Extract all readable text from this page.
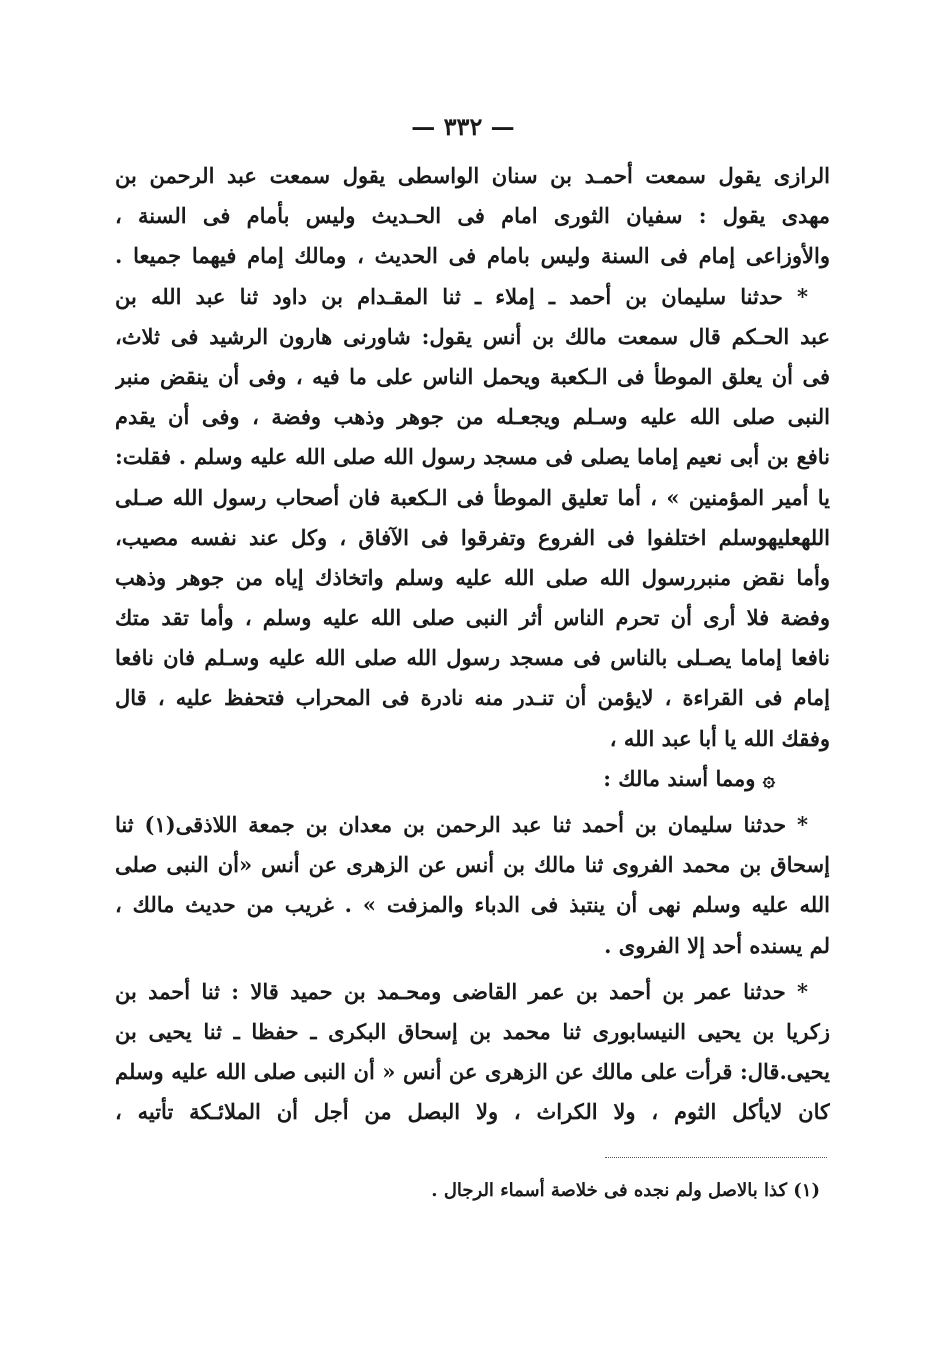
— ٣٣٢ —
الرازى يقول سمعت أحمـد بن سنان الواسطى يقول سمعت عبد الرحمن بن
مهدى يقول : سفيان الثورى امام فى الحـديث وليس بأمام فى السنة ،
والأوزاعى إمام فى السنة وليس بامام فى الحديث ، ومالك إمام فيهما جميعا .
* حدثنا سليمان بن أحمد ـ إملاء ـ ثنا المقـدام بن داود ثنا عبد الله بن
عبد الحـكم قال سمعت مالك بن أنس يقول: شاورنى هارون الرشيد فى ثلاث،
فى أن يعلق الموطأ فى الـكعبة ويحمل الناس على ما فيه ، وفى أن ينقض منبر
النبى صلى الله عليه وسـلم ويجعـله من جوهر وذهب وفضة ، وفى أن يقدم
نافع بن أبى نعيم إماما يصلى فى مسجد رسول الله صلى الله عليه وسلم . فقلت:
يا أمير المؤمنين » ، أما تعليق الموطأ فى الـكعبة فان أصحاب رسول الله صـلى
اللهعليهوسلم اختلفوا فى الفروع وتفرقوا فى الآفاق ، وكل عند نفسه مصيب،
وأما نقض منبررسول الله صلى الله عليه وسلم واتخاذك إياه من جوهر وذهب
وفضة فلا أرى أن تحرم الناس أثر النبى صلى الله عليه وسلم ، وأما تقد متك
نافعا إماما يصـلى بالناس فى مسجد رسول الله صلى الله عليه وسـلم فان نافعا
إمام فى القراءة ، لايؤمن أن تنـدر منه نادرة فى المحراب فتحفظ عليه ، قال
وفقك الله يا أبا عبد الله ،
۞ ومما أسند مالك :
* حدثنا سليمان بن أحمد ثنا عبد الرحمن بن معدان بن جمعة اللاذقى(١) ثنا
إسحاق بن محمد الفروى ثنا مالك بن أنس عن الزهرى عن أنس «أن النبى صلى
الله عليه وسلم نهى أن ينتبذ فى الدباء والمزفت » . غريب من حديث مالك ،
لم يسنده أحد إلا الفروى .
* حدثنا عمر بن أحمد بن عمر القاضى ومحـمد بن حميد قالا : ثنا أحمد بن
زكريا بن يحيى النيسابورى ثنا محمد بن إسحاق البكرى ـ حفظا ـ ثنا يحيى بن
يحيى.قال: قرأت على مالك عن الزهرى عن أنس « أن النبى صلى الله عليه وسلم
كان لايأكل الثوم ، ولا الكراث ، ولا البصل من أجل أن الملائـكة تأتيه ،
(١) كذا بالاصل ولم نجده فى خلاصة أسماء الرجال .
